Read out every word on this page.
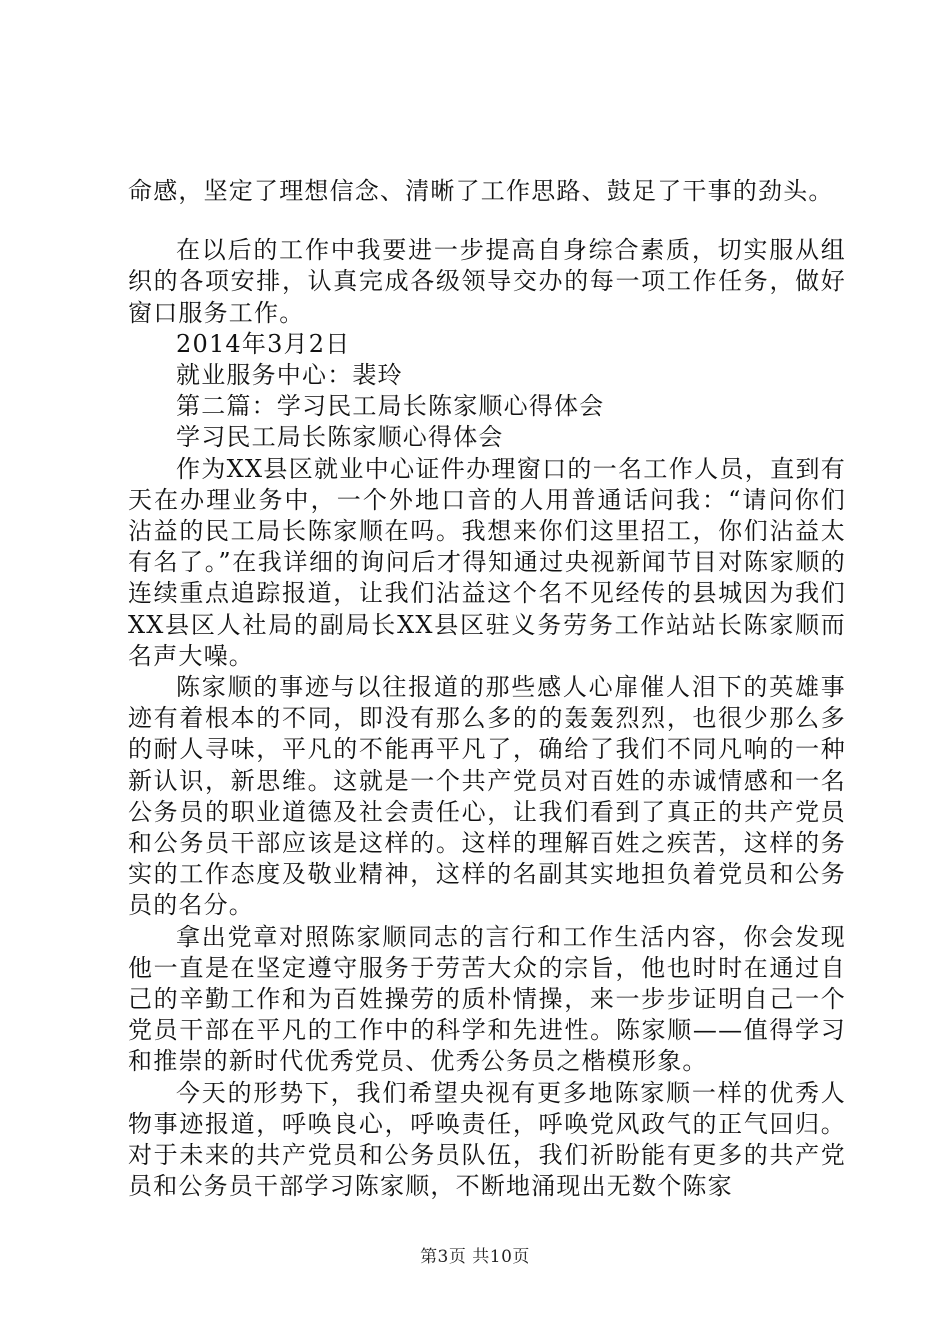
命感，坚定了理想信念、清晰了工作思路、鼓足了干事的劲头。

在以后的工作中我要进一步提高自身综合素质，切实服从组织的各项安排，认真完成各级领导交办的每一项工作任务，做好窗口服务工作。

2014年3月2日

就业服务中心：裴玲

第二篇：学习民工局长陈家顺心得体会

学习民工局长陈家顺心得体会

作为XX县区就业中心证件办理窗口的一名工作人员，直到有天在办理业务中，一个外地口音的人用普通话问我：“请问你们沾益的民工局长陈家顺在吗。我想来你们这里招工，你们沾益太有名了。”在我详细的询问后才得知通过央视新闻节目对陈家顺的连续重点追踪报道，让我们沾益这个名不见经传的县城因为我们XX县区人社局的副局长XX县区驻义务劳务工作站站长陈家顺而名声大噪。

陈家顺的事迹与以往报道的那些感人心扉催人泪下的英雄事迹有着根本的不同，即没有那么多的的轰轰烈烈，也很少那么多的耐人寻味，平凡的不能再平凡了，确给了我们不同凡响的一种新认识，新思维。这就是一个共产党员对百姓的赤诚情感和一名公务员的职业道德及社会责任心，让我们看到了真正的共产党员和公务员干部应该是这样的。这样的理解百姓之疾苦，这样的务实的工作态度及敬业精神，这样的名副其实地担负着党员和公务员的名分。

拿出党章对照陈家顺同志的言行和工作生活内容，你会发现他一直是在坚定遵守服务于劳苦大众的宗旨，他也时时在通过自己的辛勤工作和为百姓操劳的质朴情操，来一步步证明自己一个党员干部在平凡的工作中的科学和先进性。陈家顺——值得学习和推崇的新时代优秀党员、优秀公务员之楷模形象。

今天的形势下，我们希望央视有更多地陈家顺一样的优秀人物事迹报道，呼唤良心，呼唤责任，呼唤党风政气的正气回归。对于未来的共产党员和公务员队伍，我们祈盼能有更多的共产党员和公务员干部学习陈家顺，不断地涌现出无数个陈家

第3页 共10页
